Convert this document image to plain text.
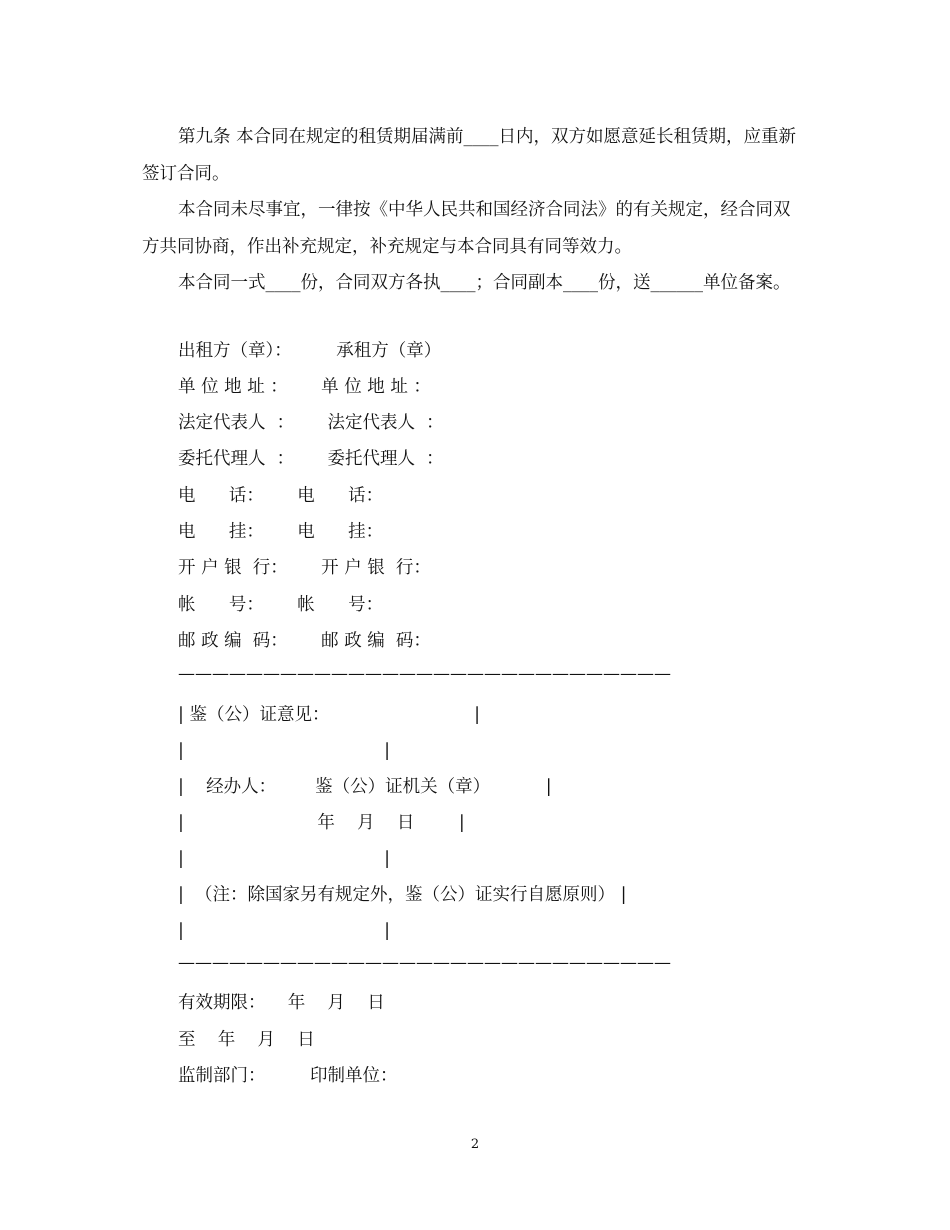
第九条 本合同在规定的租赁期届满前____日内，双方如愿意延长租赁期，应重新签订合同。
本合同未尽事宜，一律按《中华人民共和国经济合同法》的有关规定，经合同双方共同协商，作出补充规定，补充规定与本合同具有同等效力。
本合同一式____份，合同双方各执____；合同副本____份，送______单位备案。
出租方（章）：        承租方（章）
单 位 地 址 ：      单 位 地 址 ：
法定代表人  ：      法定代表人  ：
委托代理人  ：      委托代理人  ：
电      话：      电      话：
电      挂：      电      挂：
开 户 银  行：      开 户 银  行：
帐      号：      帐      号：
邮 政 编  码：      邮 政 编  码：
—————————————————————————————
| 鉴（公）证意见：                          |
|                                    |
|    经办人：       鉴（公）证机关（章）          |
|                        年    月    日        |
|                                    |
|  （注：除国家另有规定外，鉴（公）证实行自愿原则） |
|                                    |
—————————————————————————————
有效期限：    年    月    日
至    年    月    日
监制部门：        印制单位：
2
